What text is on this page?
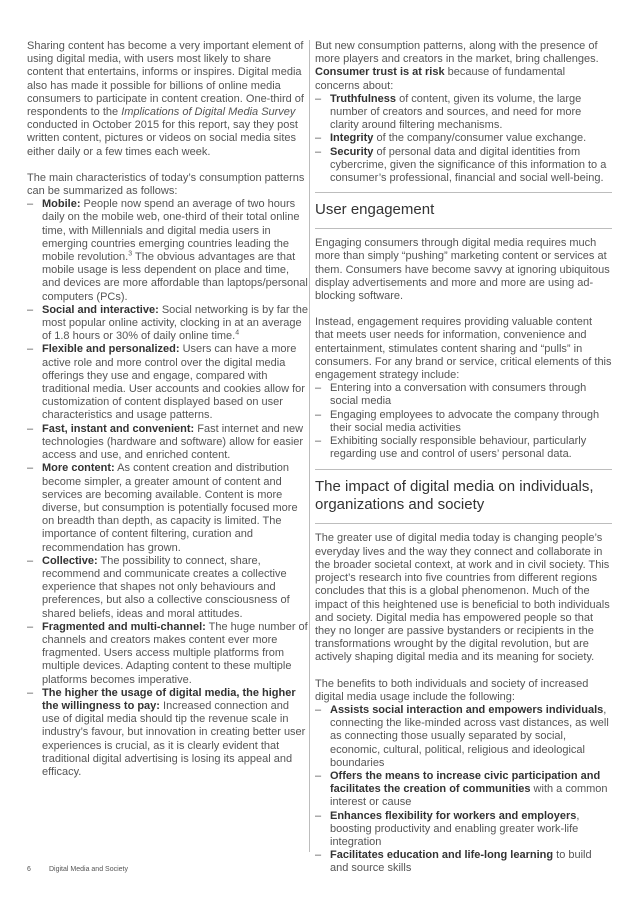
Sharing content has become a very important element of using digital media, with users most likely to share content that entertains, informs or inspires. Digital media also has made it possible for billions of online media consumers to participate in content creation. One-third of respondents to the Implications of Digital Media Survey conducted in October 2015 for this report, say they post written content, pictures or videos on social media sites either daily or a few times each week.

The main characteristics of today’s consumption patterns can be summarized as follows:

– Mobile: People now spend an average of two hours daily on the mobile web, one-third of their total online time, with Millennials and digital media users in emerging countries emerging countries leading the mobile revolution.$^3$ The obvious advantages are that mobile usage is less dependent on place and time, and devices are more affordable than laptops/personal computers (PCs).
– Social and interactive: Social networking is by far the most popular online activity, clocking in at an average of 1.8 hours or 30% of daily online time.$^4$
– Flexible and personalized: Users can have a more active role and more control over the digital media offerings they use and engage, compared with traditional media. User accounts and cookies allow for customization of content displayed based on user characteristics and usage patterns.
– Fast, instant and convenient: Fast internet and new technologies (hardware and software) allow for easier access and use, and enriched content.
– More content: As content creation and distribution become simpler, a greater amount of content and services are becoming available. Content is more diverse, but consumption is potentially focused more on breadth than depth, as capacity is limited. The importance of content filtering, curation and recommendation has grown.
– Collective: The possibility to connect, share, recommend and communicate creates a collective experience that shapes not only behaviours and preferences, but also a collective consciousness of shared beliefs, ideas and moral attitudes.
– Fragmented and multi-channel: The huge number of channels and creators makes content ever more fragmented. Users access multiple platforms from multiple devices. Adapting content to these multiple platforms becomes imperative.
– The higher the usage of digital media, the higher the willingness to pay: Increased connection and use of digital media should tip the revenue scale in industry’s favour, but innovation in creating better user experiences is crucial, as it is clearly evident that traditional digital advertising is losing its appeal and efficacy.

But new consumption patterns, along with the presence of more players and creators in the market, bring challenges. Consumer trust is at risk because of fundamental concerns about:

– Truthfulness of content, given its volume, the large number of creators and sources, and need for more clarity around filtering mechanisms.
– Integrity of the company/consumer value exchange.
– Security of personal data and digital identities from cybercrime, given the significance of this information to a consumer’s professional, financial and social well-being.
User engagement

Engaging consumers through digital media requires much more than simply “pushing” marketing content or services at them. Consumers have become savvy at ignoring ubiquitous display advertisements and more and more are using ad-blocking software.

Instead, engagement requires providing valuable content that meets user needs for information, convenience and entertainment, stimulates content sharing and “pulls” in consumers. For any brand or service, critical elements of this engagement strategy include:

– Entering into a conversation with consumers through social media
– Engaging employees to advocate the company through their social media activities
– Exhibiting socially responsible behaviour, particularly regarding use and control of users’ personal data.
The impact of digital media on individuals, organizations and society

The greater use of digital media today is changing people’s everyday lives and the way they connect and collaborate in the broader societal context, at work and in civil society. This project’s research into five countries from different regions concludes that this is a global phenomenon. Much of the impact of this heightened use is beneficial to both individuals and society. Digital media has empowered people so that they no longer are passive bystanders or recipients in the transformations wrought by the digital revolution, but are actively shaping digital media and its meaning for society.

The benefits to both individuals and society of increased digital media usage include the following:

– Assists social interaction and empowers individuals, connecting the like-minded across vast distances, as well as connecting those usually separated by social, economic, cultural, political, religious and ideological boundaries
– Offers the means to increase civic participation and facilitates the creation of communities with a common interest or cause
– Enhances flexibility for workers and employers, boosting productivity and enabling greater work-life integration
– Facilitates education and life-long learning to build and source skills
6	Digital Media and Society
